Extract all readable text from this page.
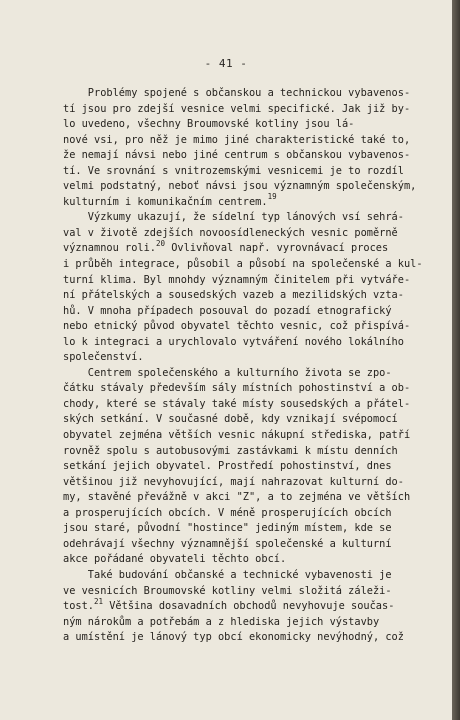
- 41 -
Problémy spojené s občanskou a technickou vybavenos-
tí jsou pro zdejší vesnice velmi specifické. Jak již by-
lo uvedeno, všechny Broumovské kotliny jsou lá-
nové vsi, pro něž je mimo jiné charakteristické také to,
že nemají návsi nebo jiné centrum s občanskou vybavenos-
tí. Ve srovnání s vnitrozemskými vesnicemi je to rozdíl
velmi podstatný, neboť návsi jsou významným společenským,
kulturním i komunikačním centrem.$^{19}$
Výzkumy ukazují, že sídelní typ lánových vsí sehrá-
val v životě zdejších novoosídleneckých vesnic poměrně
významnou roli.$^{20}$ Ovlivňoval např. vyrovnávací proces
i průběh integrace, působil a působí na společenské a kul-
turní klima. Byl mnohdy významným činitelem při vytváře-
ní přátelských a sousedských vazeb a mezilidských vzta-
hů. V mnoha případech posouval do pozadí etnografický
nebo etnický původ obyvatel těchto vesnic, což přispívá-
lo k integraci a urychlovalo vytváření nového lokálního
společenství.
Centrem společenského a kulturního života se zpo-
čátku stávaly především sály místních pohostinství a ob-
chody, které se stávaly také místy sousedských a přátel-
ských setkání. V současné době, kdy vznikají svépomocí
obyvatel zejména větších vesnic nákupní střediska, patří
rovněž spolu s autobusovými zastávkami k místu denních
setkání jejich obyvatel. Prostředí pohostinství, dnes
většinou již nevyhovující, mají nahrazovat kulturní do-
my, stavěné převážně v akci "Z", a to zejména ve větších
a prosperujících obcích. V méně prosperujících obcích
jsou staré, původní "hostince" jediným místem, kde se
odehrávají všechny významnější společenské a kulturní
akce pořádané obyvateli těchto obcí.
Také budování občanské a technické vybavenosti je
ve vesnicích Broumovské kotliny velmi složitá záleži-
tost.$^{21}$ Většina dosavadních obchodů nevyhovuje součas-
ným nárokům a potřebám a z hlediska jejich výstavby
a umístění je lánový typ obcí ekonomicky nevýhodný, což
